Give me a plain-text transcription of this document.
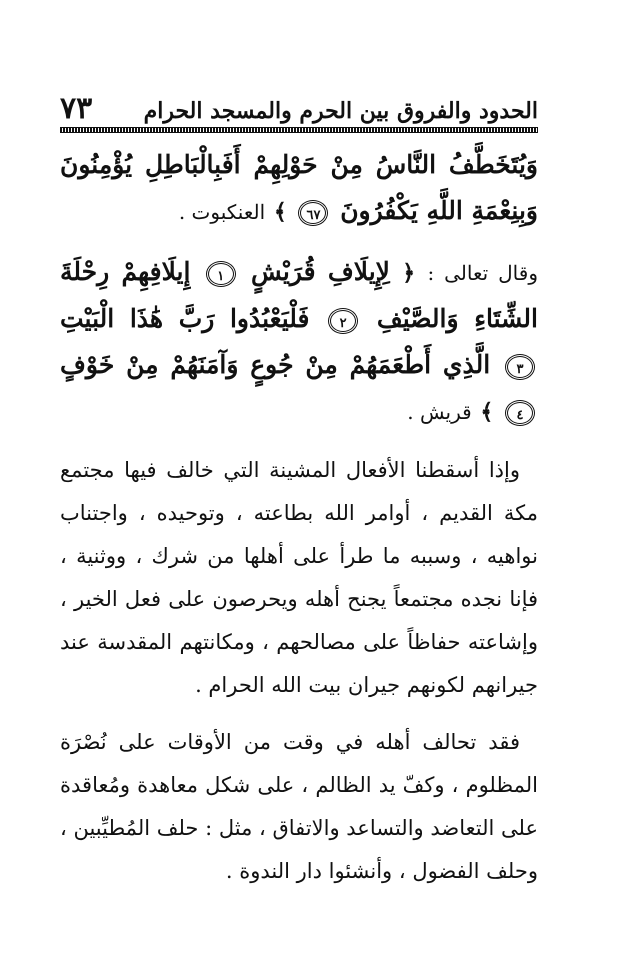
الحدود والفروق بين الحرم والمسجد الحرام
٧٣

وَيُتَخَطَّفُ النَّاسُ مِنْ حَوْلِهِمْ أَفَبِالْبَاطِلِ يُؤْمِنُونَ وَبِنِعْمَةِ اللَّهِ يَكْفُرُونَ ٦٧ ﴾ العنكبوت .

وقال تعالى : ﴿ لِإِيلَافِ قُرَيْشٍ ١ إِيلَافِهِمْ رِحْلَةَ الشِّتَاءِ وَالصَّيْفِ ٢ فَلْيَعْبُدُوا رَبَّ هَٰذَا الْبَيْتِ ٣ الَّذِي أَطْعَمَهُمْ مِنْ جُوعٍ وَآمَنَهُمْ مِنْ خَوْفٍ ٤ ﴾ قريش .

وإذا أسقطنا الأفعال المشينة التي خالف فيها مجتمع مكة القديم ، أوامر الله بطاعته ، وتوحيده ، واجتناب نواهيه ، وسببه ما طرأ على أهلها من شرك ، ووثنية ، فإنا نجده مجتمعاً يجنح أهله ويحرصون على فعل الخير ، وإشاعته حفاظاً على مصالحهم ، ومكانتهم المقدسة عند جيرانهم لكونهم جيران بيت الله الحرام .

فقد تحالف أهله في وقت من الأوقات على نُصْرَة المظلوم ، وكفّ يد الظالم ، على شكل معاهدة ومُعاقدة على التعاضد والتساعد والاتفاق ، مثل : حلف المُطيِّبين ، وحلف الفضول ، وأنشئوا دار الندوة .
